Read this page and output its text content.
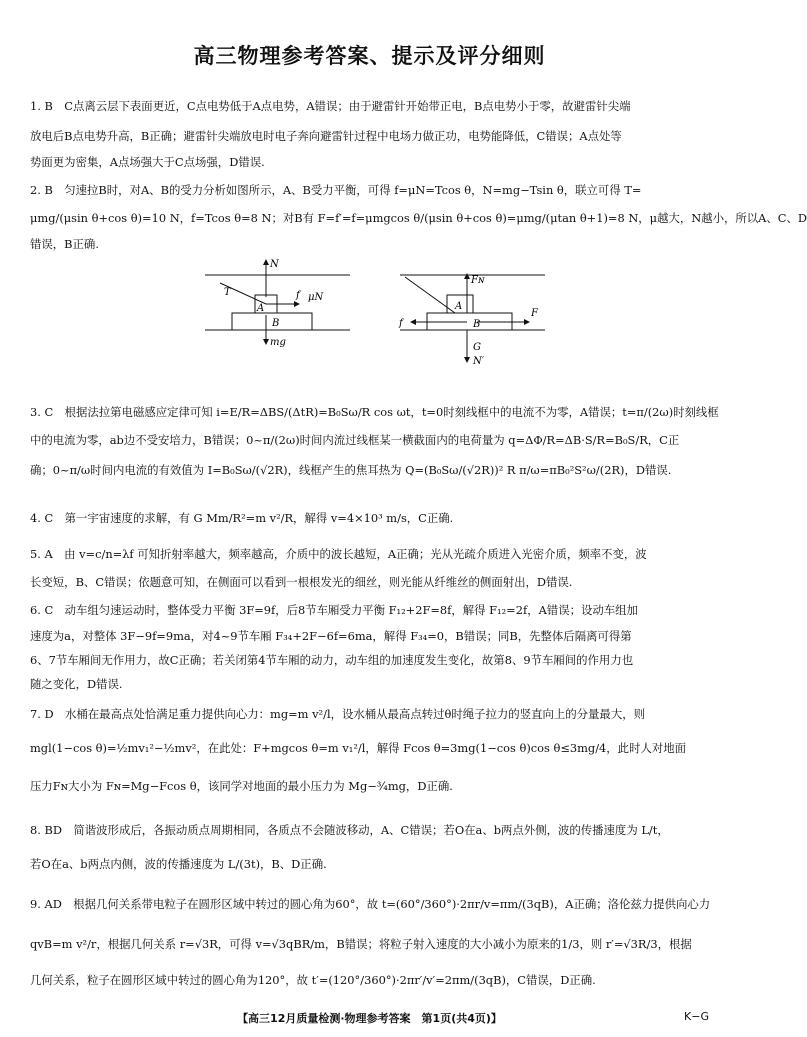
高三物理参考答案、提示及评分细则
1. B　C点离云层下表面更近，C点电势低于A点电势，A错误；由于避雷针开始带正电，B点电势小于零，故避雷针尖端
放电后B点电势升高，B正确；避雷针尖端放电时电子奔向避雷针过程中电场力做正功，电势能降低，C错误；A点处等
势面更为密集，A点场强大于C点场强，D错误.
2. B　匀速拉B时，对A、B的受力分析如图所示，A、B受力平衡，可得 f=μN=Tcos θ，N=mg−Tsin θ，联立可得 T=
μmg/(μsin θ+cos θ)=10 N，f=Tcos θ=8 N；对B有 F=f′=f=μmgcos θ/(μsin θ+cos θ)=μmg/(μtan θ+1)=8 N，μ越大，N越小，所以A、C、D
错误，B正确.
N
T	f μN
A
B
mg
Fɴ
A
B
f
F
G
N′
3. C　根据法拉第电磁感应定律可知 i=E/R=ΔBS/(ΔtR)=B₀Sω/R cos ωt，t=0时刻线框中的电流不为零，A错误；t=π/(2ω)时刻线框
中的电流为零，ab边不受安培力，B错误；0~π/(2ω)时间内流过线框某一横截面内的电荷量为 q=ΔΦ/R=ΔB·S/R=B₀S/R，C正
确；0~π/ω时间内电流的有效值为 I=B₀Sω/(√2R)，线框产生的焦耳热为 Q=(B₀Sω/(√2R))² R π/ω=πB₀²S²ω/(2R)，D错误.
4. C　第一宇宙速度的求解，有 G Mm/R²=m v²/R，解得 v=4×10³ m/s，C正确.
5. A　由 v=c/n=λf 可知折射率越大，频率越高，介质中的波长越短，A正确；光从光疏介质进入光密介质，频率不变，波
长变短，B、C错误；依题意可知，在侧面可以看到一根根发光的细丝，则光能从纤维丝的侧面射出，D错误.
6. C　动车组匀速运动时，整体受力平衡 3F=9f，后8节车厢受力平衡 F₁₂+2F=8f，解得 F₁₂=2f，A错误；设动车组加
速度为a，对整体 3F−9f=9ma，对4~9节车厢 F₃₄+2F−6f=6ma，解得 F₃₄=0，B错误；同B，先整体后隔离可得第
6、7节车厢间无作用力，故C正确；若关闭第4节车厢的动力，动车组的加速度发生变化，故第8、9节车厢间的作用力也
随之变化，D错误.
7. D　水桶在最高点处恰满足重力提供向心力：mg=m v²/l，设水桶从最高点转过θ时绳子拉力的竖直向上的分量最大，则
mgl(1−cos θ)=½mv₁²−½mv²，在此处：F+mgcos θ=m v₁²/l，解得 Fcos θ=3mg(1−cos θ)cos θ≤3mg/4，此时人对地面
压力Fɴ大小为 Fɴ=Mg−Fcos θ，该同学对地面的最小压力为 Mg−¾mg，D正确.
8. BD　简谐波形成后，各振动质点周期相同，各质点不会随波移动，A、C错误；若O在a、b两点外侧，波的传播速度为 L/t，
若O在a、b两点内侧，波的传播速度为 L/(3t)，B、D正确.
9. AD　根据几何关系带电粒子在圆形区域中转过的圆心角为60°，故 t=(60°/360°)·2πr/v=πm/(3qB)，A正确；洛伦兹力提供向心力
qvB=m v²/r，根据几何关系 r=√3R，可得 v=√3qBR/m，B错误；将粒子射入速度的大小减小为原来的1/3，则 r′=√3R/3，根据
几何关系，粒子在圆形区域中转过的圆心角为120°，故 t′=(120°/360°)·2πr′/v′=2πm/(3qB)，C错误，D正确.
【高三12月质量检测·物理参考答案　第1页(共4页)】	K−G
